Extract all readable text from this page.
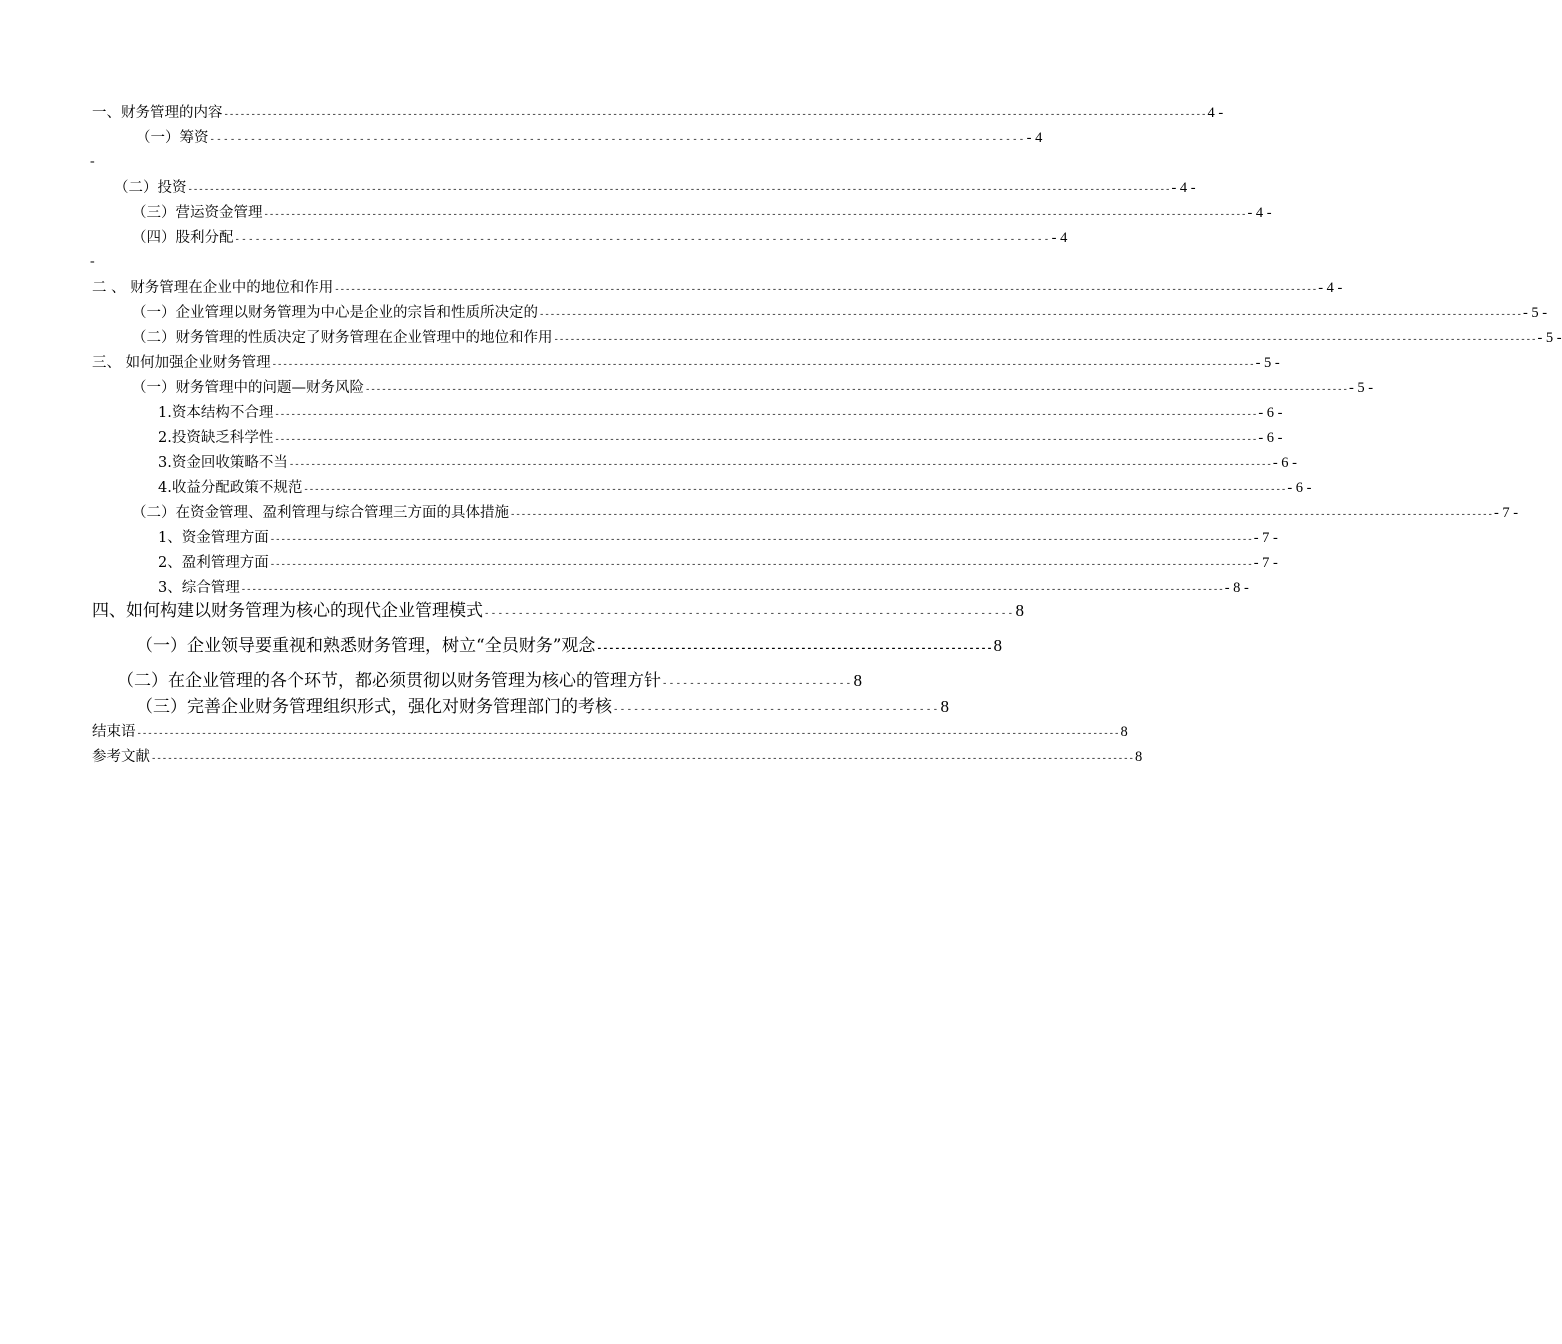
一、财务管理的内容 -------------------------------------------------------------------------------------------------------------------------------------------------------------------------------------- 4 -
（一）筹资 ------------------------------------------------------------------------------------------------------------------------ - 4
-
（二）投资 -------------------------------------------------------------------------------------------------------------------------------------------------------------------------------------- - 4 -
（三）营运资金管理 -------------------------------------------------------------------------------------------------------------------------------------------------------------------------------------- - 4 -
（四）股利分配 ------------------------------------------------------------------------------------------------------------------------ - 4
-
二 、 财务管理在企业中的地位和作用 -------------------------------------------------------------------------------------------------------------------------------------------------------------------------------------- - 4 -
（一）企业管理以财务管理为中心是企业的宗旨和性质所决定的 -------------------------------------------------------------------------------------------------------------------------------------------------------------------------------------- - 5 -
（二）财务管理的性质决定了财务管理在企业管理中的地位和作用 -------------------------------------------------------------------------------------------------------------------------------------------------------------------------------------- - 5 -
三、 如何加强企业财务管理 -------------------------------------------------------------------------------------------------------------------------------------------------------------------------------------- - 5 -
（一）财务管理中的问题—财务风险 -------------------------------------------------------------------------------------------------------------------------------------------------------------------------------------- - 5 -
1.资本结构不合理 -------------------------------------------------------------------------------------------------------------------------------------------------------------------------------------- - 6 -
2.投资缺乏科学性 -------------------------------------------------------------------------------------------------------------------------------------------------------------------------------------- - 6 -
3.资金回收策略不当 -------------------------------------------------------------------------------------------------------------------------------------------------------------------------------------- - 6 -
4.收益分配政策不规范 -------------------------------------------------------------------------------------------------------------------------------------------------------------------------------------- - 6 -
（二）在资金管理、盈利管理与综合管理三方面的具体措施 -------------------------------------------------------------------------------------------------------------------------------------------------------------------------------------- - 7 -
1、资金管理方面 -------------------------------------------------------------------------------------------------------------------------------------------------------------------------------------- - 7 -
2、盈利管理方面 -------------------------------------------------------------------------------------------------------------------------------------------------------------------------------------- - 7 -
3、综合管理 -------------------------------------------------------------------------------------------------------------------------------------------------------------------------------------- - 8 -
四、如何构建以财务管理为核心的现代企业管理模式 ------------------------------------------------------------------------------ 8
（一）企业领导要重视和熟悉财务管理，树立“全员财务”观念 ------------------------------------------------------------------ 8
（二）在企业管理的各个环节，都必须贯彻以财务管理为核心的管理方针 ---------------------------- 8
（三）完善企业财务管理组织形式，强化对财务管理部门的考核 ------------------------------------------------ 8
结束语 -------------------------------------------------------------------------------------------------------------------------------------------------------------------------------------- 8
参考文献 -------------------------------------------------------------------------------------------------------------------------------------------------------------------------------------- 8
